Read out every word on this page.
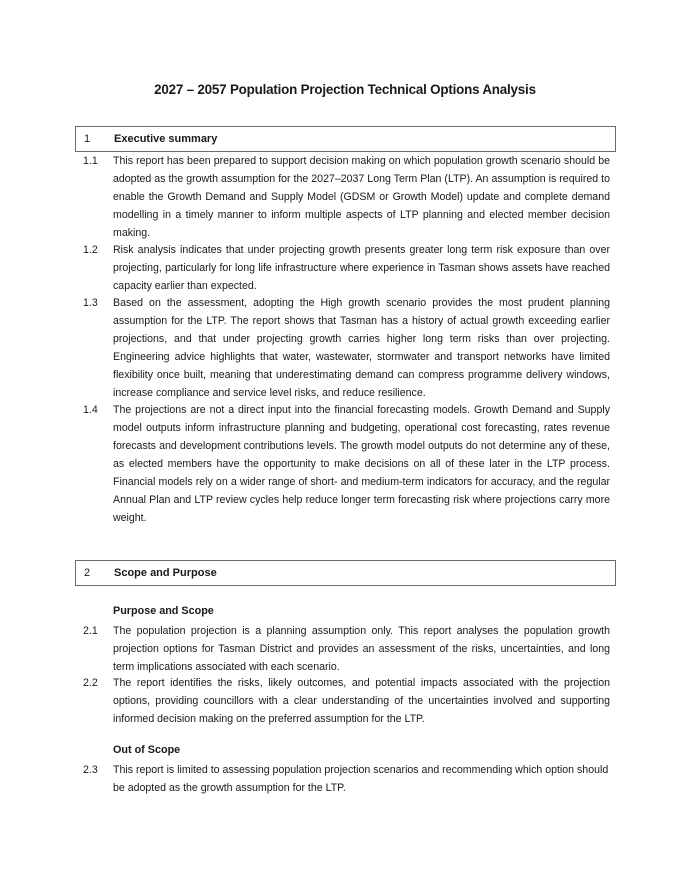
2027 – 2057 Population Projection Technical Options Analysis
1 Executive summary
1.1 This report has been prepared to support decision making on which population growth scenario should be adopted as the growth assumption for the 2027–2037 Long Term Plan (LTP). An assumption is required to enable the Growth Demand and Supply Model (GDSM or Growth Model) update and complete demand modelling in a timely manner to inform multiple aspects of LTP planning and elected member decision making.
1.2 Risk analysis indicates that under projecting growth presents greater long term risk exposure than over projecting, particularly for long life infrastructure where experience in Tasman shows assets have reached capacity earlier than expected.
1.3 Based on the assessment, adopting the High growth scenario provides the most prudent planning assumption for the LTP. The report shows that Tasman has a history of actual growth exceeding earlier projections, and that under projecting growth carries higher long term risks than over projecting. Engineering advice highlights that water, wastewater, stormwater and transport networks have limited flexibility once built, meaning that underestimating demand can compress programme delivery windows, increase compliance and service level risks, and reduce resilience.
1.4 The projections are not a direct input into the financial forecasting models. Growth Demand and Supply model outputs inform infrastructure planning and budgeting, operational cost forecasting, rates revenue forecasts and development contributions levels. The growth model outputs do not determine any of these, as elected members have the opportunity to make decisions on all of these later in the LTP process. Financial models rely on a wider range of short- and medium-term indicators for accuracy, and the regular Annual Plan and LTP review cycles help reduce longer term forecasting risk where projections carry more weight.
2 Scope and Purpose
Purpose and Scope
2.1 The population projection is a planning assumption only. This report analyses the population growth projection options for Tasman District and provides an assessment of the risks, uncertainties, and long term implications associated with each scenario.
2.2 The report identifies the risks, likely outcomes, and potential impacts associated with the projection options, providing councillors with a clear understanding of the uncertainties involved and supporting informed decision making on the preferred assumption for the LTP.
Out of Scope
2.3 This report is limited to assessing population projection scenarios and recommending which option should be adopted as the growth assumption for the LTP.
